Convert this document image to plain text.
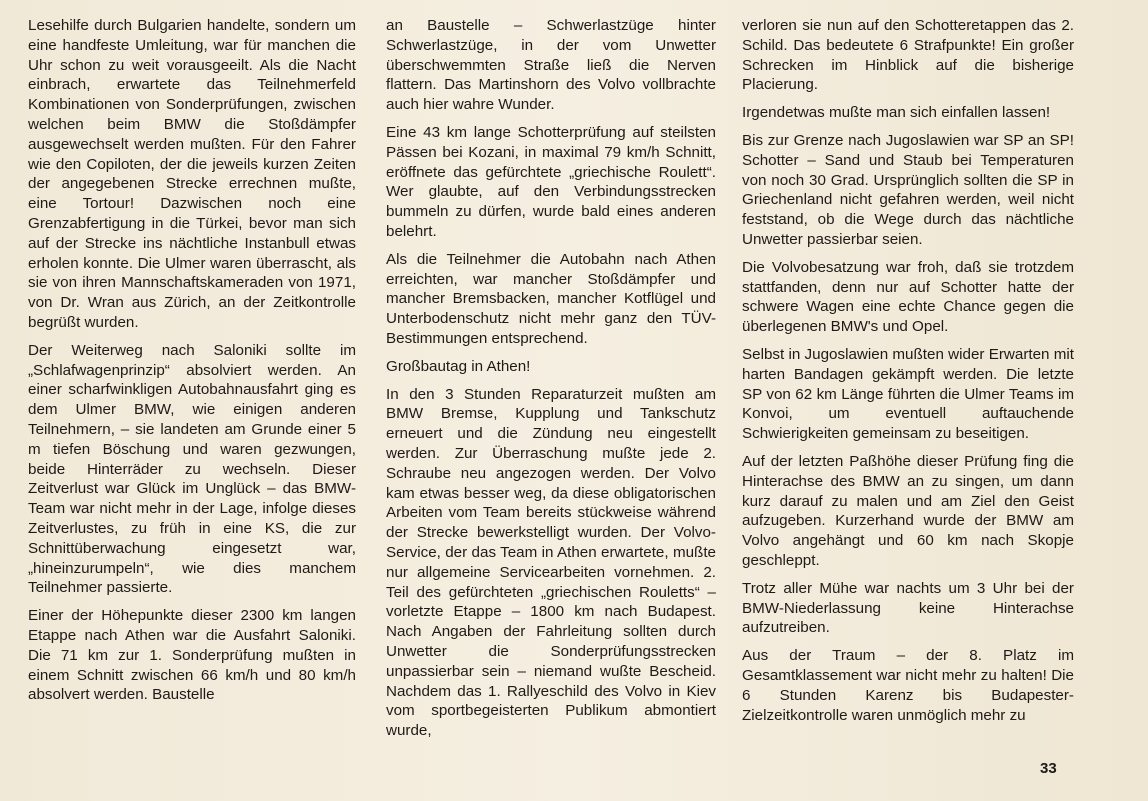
Lesehilfe durch Bulgarien handelte, sondern um eine handfeste Umleitung, war für manchen die Uhr schon zu weit vorausgeeilt. Als die Nacht einbrach, erwartete das Teilnehmerfeld Kombinationen von Sonderprüfungen, zwischen welchen beim BMW die Stoßdämpfer ausgewechselt werden mußten. Für den Fahrer wie den Copiloten, der die jeweils kurzen Zeiten der angegebenen Strecke errechnen mußte, eine Tortour! Dazwischen noch eine Grenzabfertigung in die Türkei, bevor man sich auf der Strecke ins nächtliche Instanbull etwas erholen konnte. Die Ulmer waren überrascht, als sie von ihren Mannschaftskameraden von 1971, von Dr. Wran aus Zürich, an der Zeitkontrolle begrüßt wurden.

Der Weiterweg nach Saloniki sollte im „Schlafwagenprinzip“ absolviert werden. An einer scharfwinkligen Autobahnausfahrt ging es dem Ulmer BMW, wie einigen anderen Teilnehmern, – sie landeten am Grunde einer 5 m tiefen Böschung und waren gezwungen, beide Hinterräder zu wechseln. Dieser Zeitverlust war Glück im Unglück – das BMW-Team war nicht mehr in der Lage, infolge dieses Zeitverlustes, zu früh in eine KS, die zur Schnittüberwachung eingesetzt war, „hineinzurumpeln“, wie dies manchem Teilnehmer passierte.

Einer der Höhepunkte dieser 2300 km langen Etappe nach Athen war die Ausfahrt Saloniki. Die 71 km zur 1. Sonderprüfung mußten in einem Schnitt zwischen 66 km/h und 80 km/h absolvert werden. Baustelle

an Baustelle – Schwerlastzüge hinter Schwerlastzüge, in der vom Unwetter überschwemmten Straße ließ die Nerven flattern. Das Martinshorn des Volvo vollbrachte auch hier wahre Wunder.

Eine 43 km lange Schotterprüfung auf steilsten Pässen bei Kozani, in maximal 79 km/h Schnitt, eröffnete das gefürchtete „griechische Roulett“. Wer glaubte, auf den Verbindungsstrecken bummeln zu dürfen, wurde bald eines anderen belehrt.

Als die Teilnehmer die Autobahn nach Athen erreichten, war mancher Stoßdämpfer und mancher Bremsbacken, mancher Kotflügel und Unterbodenschutz nicht mehr ganz den TÜV-Bestimmungen entsprechend.

Großbautag in Athen!

In den 3 Stunden Reparaturzeit mußten am BMW Bremse, Kupplung und Tankschutz erneuert und die Zündung neu eingestellt werden. Zur Überraschung mußte jede 2. Schraube neu angezogen werden. Der Volvo kam etwas besser weg, da diese obligatorischen Arbeiten vom Team bereits stückweise während der Strecke bewerkstelligt wurden. Der Volvo-Service, der das Team in Athen erwartete, mußte nur allgemeine Servicearbeiten vornehmen. 2. Teil des gefürchteten „griechischen Rouletts“ – vorletzte Etappe – 1800 km nach Budapest. Nach Angaben der Fahrleitung sollten durch Unwetter die Sonderprüfungsstrecken unpassierbar sein – niemand wußte Bescheid. Nachdem das 1. Rallyeschild des Volvo in Kiev vom sportbegeisterten Publikum abmontiert wurde,

verloren sie nun auf den Schotteretappen das 2. Schild. Das bedeutete 6 Strafpunkte! Ein großer Schrecken im Hinblick auf die bisherige Placierung.

Irgendetwas mußte man sich einfallen lassen!

Bis zur Grenze nach Jugoslawien war SP an SP! Schotter – Sand und Staub bei Temperaturen von noch 30 Grad. Ursprünglich sollten die SP in Griechenland nicht gefahren werden, weil nicht feststand, ob die Wege durch das nächtliche Unwetter passierbar seien.

Die Volvobesatzung war froh, daß sie trotzdem stattfanden, denn nur auf Schotter hatte der schwere Wagen eine echte Chance gegen die überlegenen BMW's und Opel.

Selbst in Jugoslawien mußten wider Erwarten mit harten Bandagen gekämpft werden. Die letzte SP von 62 km Länge führten die Ulmer Teams im Konvoi, um eventuell auftauchende Schwierigkeiten gemeinsam zu beseitigen.

Auf der letzten Paßhöhe dieser Prüfung fing die Hinterachse des BMW an zu singen, um dann kurz darauf zu malen und am Ziel den Geist aufzugeben. Kurzerhand wurde der BMW am Volvo angehängt und 60 km nach Skopje geschleppt.

Trotz aller Mühe war nachts um 3 Uhr bei der BMW-Niederlassung keine Hinterachse aufzutreiben.

Aus der Traum – der 8. Platz im Gesamtklassement war nicht mehr zu halten! Die 6 Stunden Karenz bis Budapester-Zielzeitkontrolle waren unmöglich mehr zu

33
